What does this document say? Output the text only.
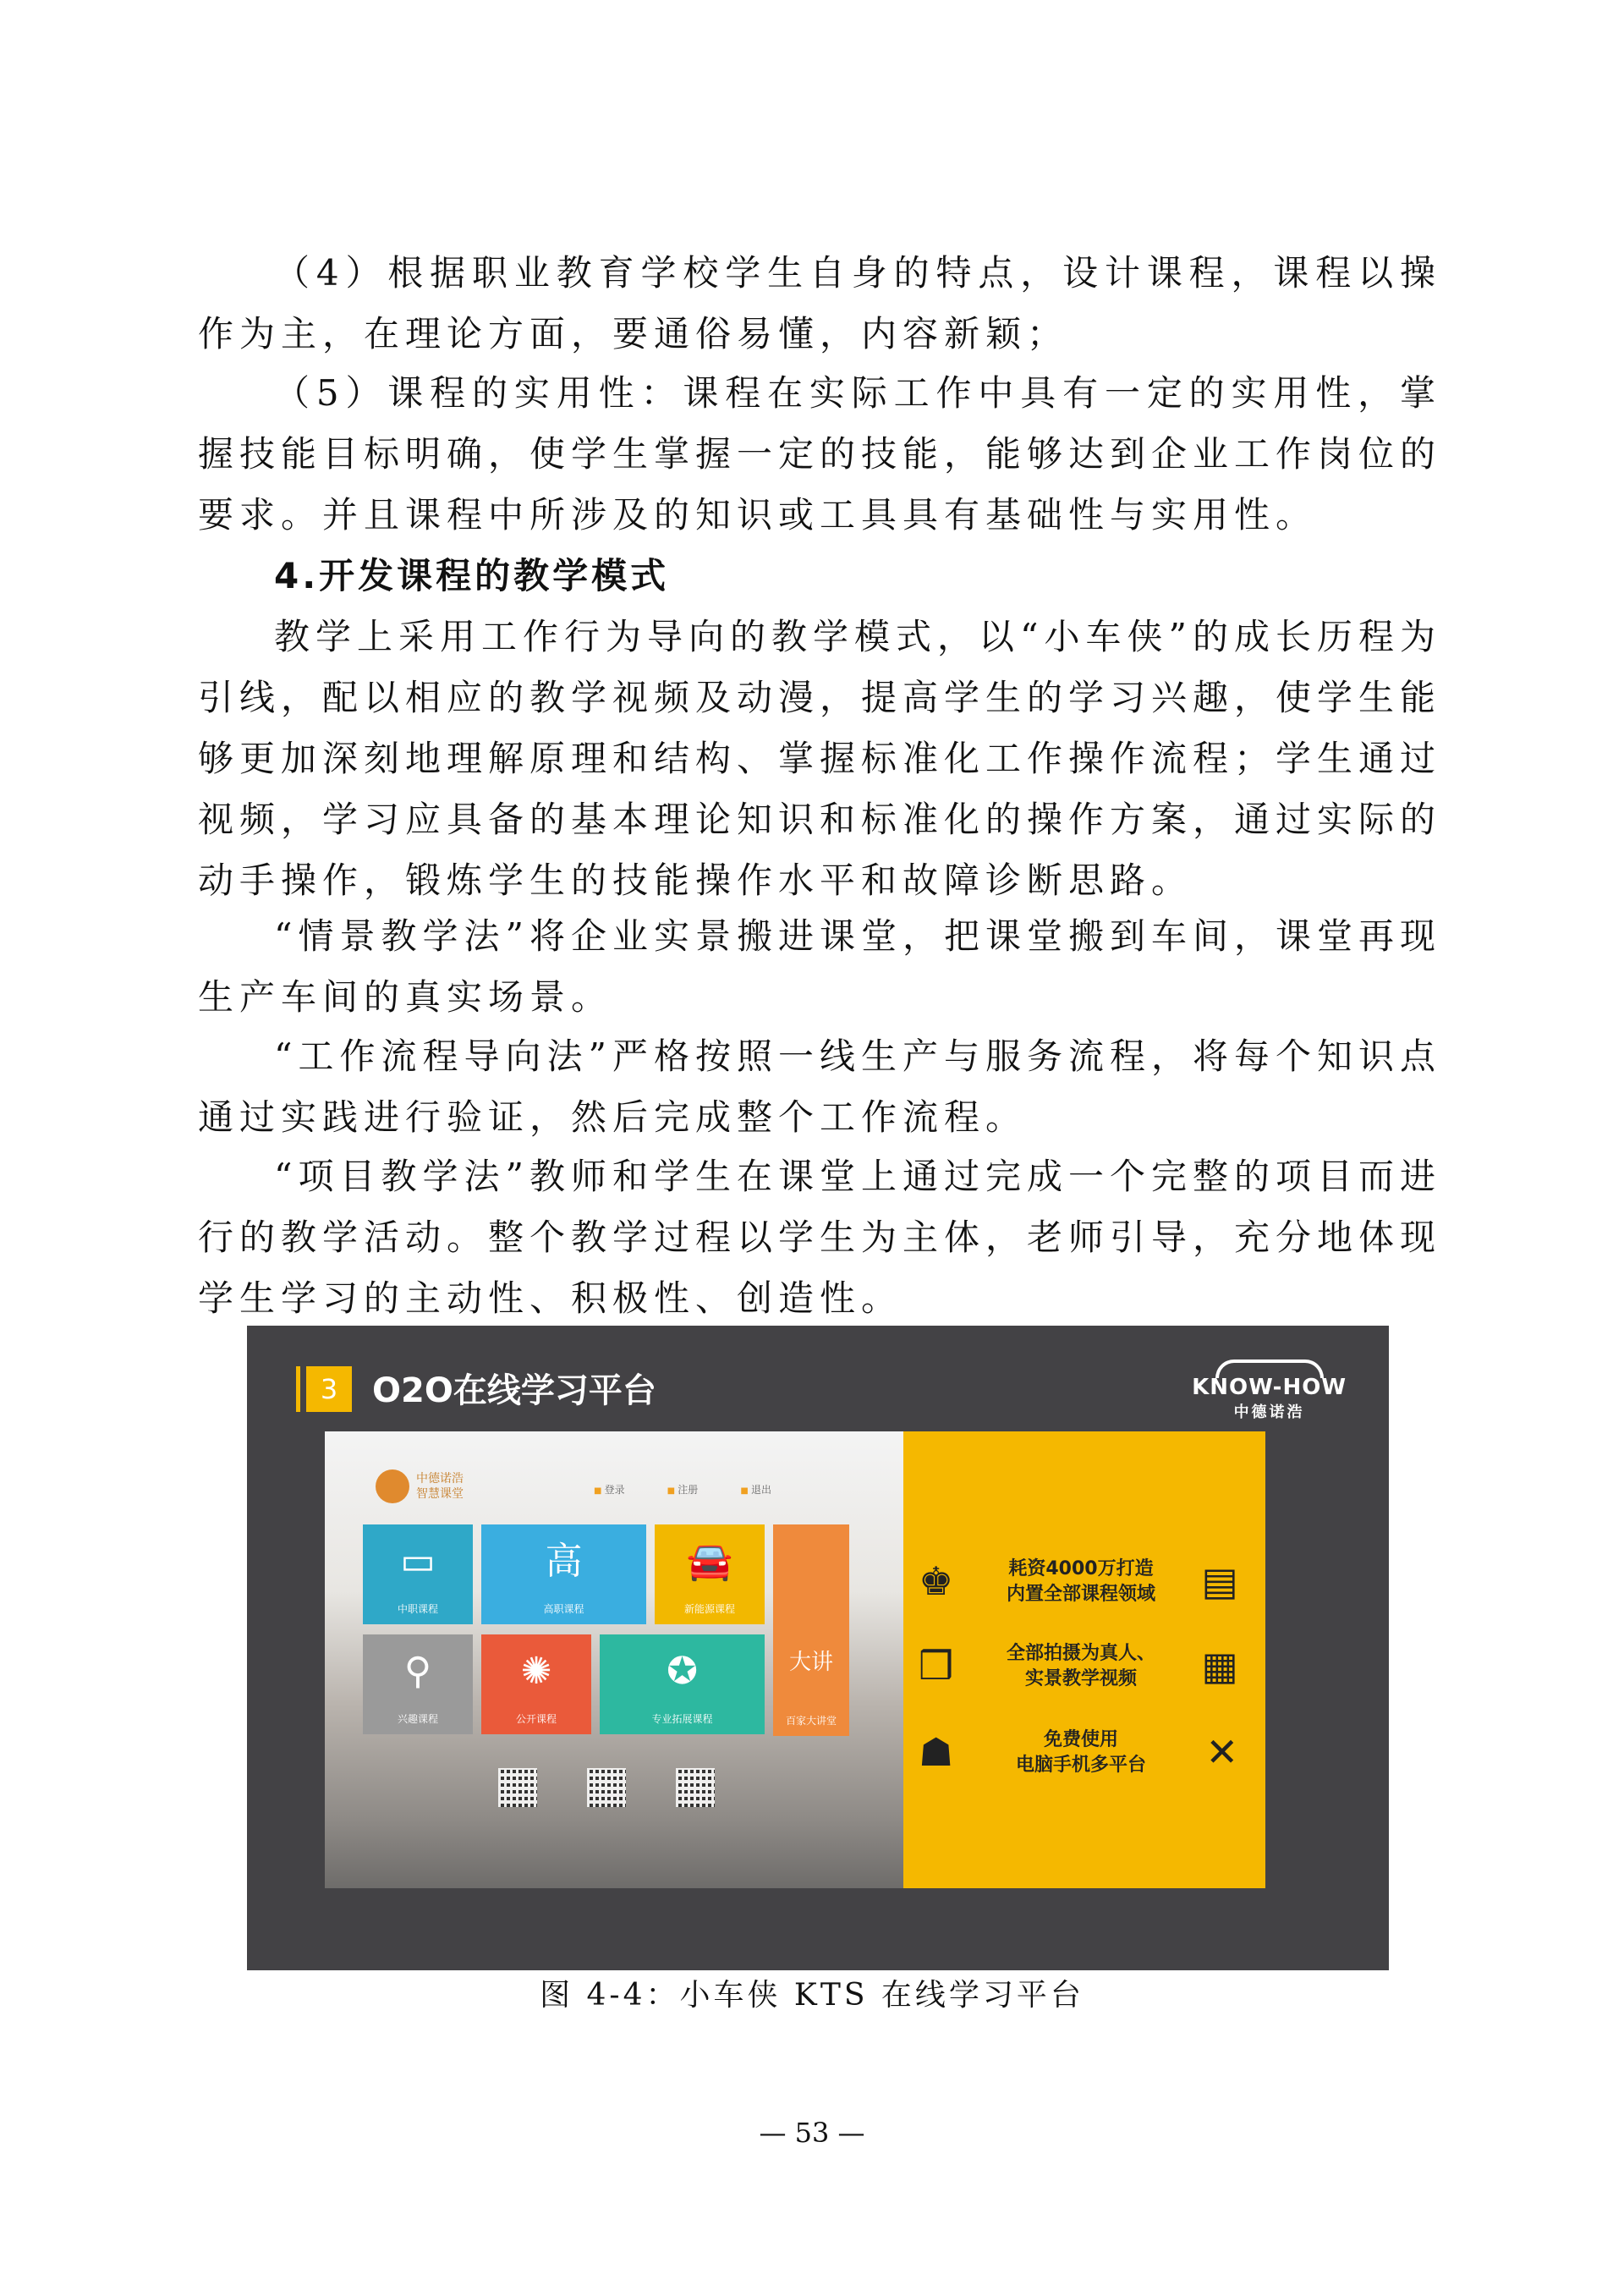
（4）根据职业教育学校学生自身的特点，设计课程，课程以操作为主，在理论方面，要通俗易懂，内容新颖；

（5）课程的实用性：课程在实际工作中具有一定的实用性，掌握技能目标明确，使学生掌握一定的技能，能够达到企业工作岗位的要求。并且课程中所涉及的知识或工具具有基础性与实用性。

4.开发课程的教学模式

教学上采用工作行为导向的教学模式，以“小车侠”的成长历程为引线，配以相应的教学视频及动漫，提高学生的学习兴趣，使学生能够更加深刻地理解原理和结构、掌握标准化工作操作流程；学生通过视频，学习应具备的基本理论知识和标准化的操作方案，通过实际的动手操作，锻炼学生的技能操作水平和故障诊断思路。

“情景教学法”将企业实景搬进课堂，把课堂搬到车间，课堂再现生产车间的真实场景。

“工作流程导向法”严格按照一线生产与服务流程，将每个知识点通过实践进行验证，然后完成整个工作流程。

“项目教学法”教师和学生在课堂上通过完成一个完整的项目而进行的教学活动。整个教学过程以学生为主体，老师引导，充分地体现学生学习的主动性、积极性、创造性。

3	O2O在线学习平台	KNOW-HOW
中德诺浩
中德诺浩
智慧课堂	■ 登录	■ 注册	■ 退出
▭
中职课程
高
高职课程
🚘
新能源课程
大讲
百家大讲堂
⚲
兴趣课程
✺
公开课程
✪
专业拓展课程
♚	耗资4000万打造
内置全部课程领域	▤
❒	全部拍摄为真人、
实景教学视频	▦
☗	免费使用
电脑手机多平台	✕
图 4-4：小车侠 KTS 在线学习平台
— 53 —
